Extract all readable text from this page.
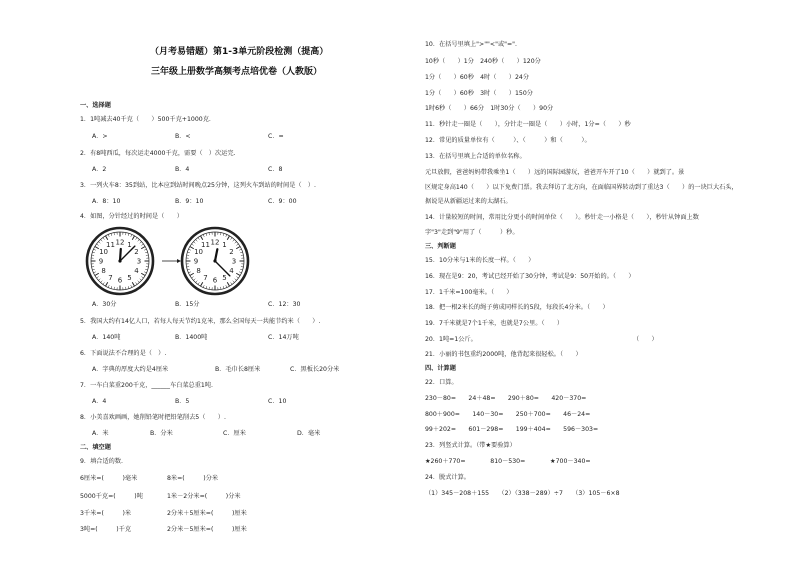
（月考易错题）第1-3单元阶段检测（提高）
三年级上册数学高频考点培优卷（人教版）
一、选择题
1．1吨减去40千克（　　）500千克+1000克.
A．>	B．<	C．=
2．有8吨西瓜，每次运走4000千克，需要（　）次运完.
A．2	B．4	C．8
3．一列火车8：35到站，比本应到站时间晚点25分钟，这列火车到站的时间是（　）.
A．8：10	B．9：10	C．9：00
4．如图，分针经过的时间是（　　）
12 1
2
3
4
5
6
7
8
9
10
11	12 1
2
3
4
5
6
7
8
9
10
11
A．30分	B．15分	C．12：30
5．我国大约有14亿人口，若每人每天节约1克米，那么全国每天一共能节约米（　　）.
A．140吨	B．1400吨	C．14万吨
6．下面说法不合理的是（　）.
A．字典的厚度大约是4厘米	B．毛巾长8厘米	C．黑板长20分米
7．一车白菜重200千克，______车白菜总重1吨.
A．4	B．5	C．10
8．小美喜欢画画，她削铅笔时把铅笔削去5（　　）.
A．米	B．分米	C．厘米	D．毫米
二、填空题
9．填合适的数.
6厘米=(　　　)毫米	8米=(　　　)分米
5000千克=(　　　)吨	1米－2分米=(　　　)分米
3千米=(　　　)米	2分米＋5厘米=(　　　)厘米
3吨=(　　　)千克	2分米－5厘米=(　　　)厘米
10．在括号里填上">""<"或"=".
10秒（　　）1分　240秒（　　）120分
1分（　　）60秒　4时（　　）24分
1分（　　）60秒　3时（　　）150分
1时6秒（　　）66分　1时30分（　　）90分
11．秒针走一圈是（　　），分针走一圈是（　　）小时，1分=（　　）秒
12．常见的质量单位有（　　　）、（　　　）和（　　　）。
13．在括号里填上合适的单位名称。
元旦放假，爸爸妈妈带我乘坐1（　　）远的国际园游玩，爸爸开车开了10（　　）就到了。景
区规定身高140（　　）以下免费门票。我去拜访了北方向，在面临国界转动到了重达3（　　）的一块巨大石头，
据说是从新疆运过来的太湖石。
14．计量较短的时间，常用比分更小的时间单位（　　）。秒针走一小格是（　　），秒针从钟面上数
字"3"走到"9"用了（　　　）秒。
三、判断题
15．10分米与1米的长度一样。（　　）
16．现在是9：20，考试已经开始了30分钟，考试是9：50开始的。（　　）
17．1千米=100毫米。（　　）
18．把一根2米长的绳子剪成同样长的5段，每段长4分米。（　　）
19．7千米就是7个1千米，也就是7公里。（　　）
20．1吨=1公斤。	（　　）
21．小丽的书包重约2000吨，他背起来很轻松。（　　）
四、计算题
22．口算。
230－80=　　24＋48=　　290＋80=　　420－370=
800＋900=　　140－30=　　250＋700=　　46－24=
99＋202=　　601－298=　　199＋404=　　596－303=
23．列竖式计算。（带★要验算）
★260＋770=　　　　810－530=　　　　★700－340=
24．脱式计算。
（1）345－208＋155　　（2）（338－289）÷7　　（3）105－6×8
